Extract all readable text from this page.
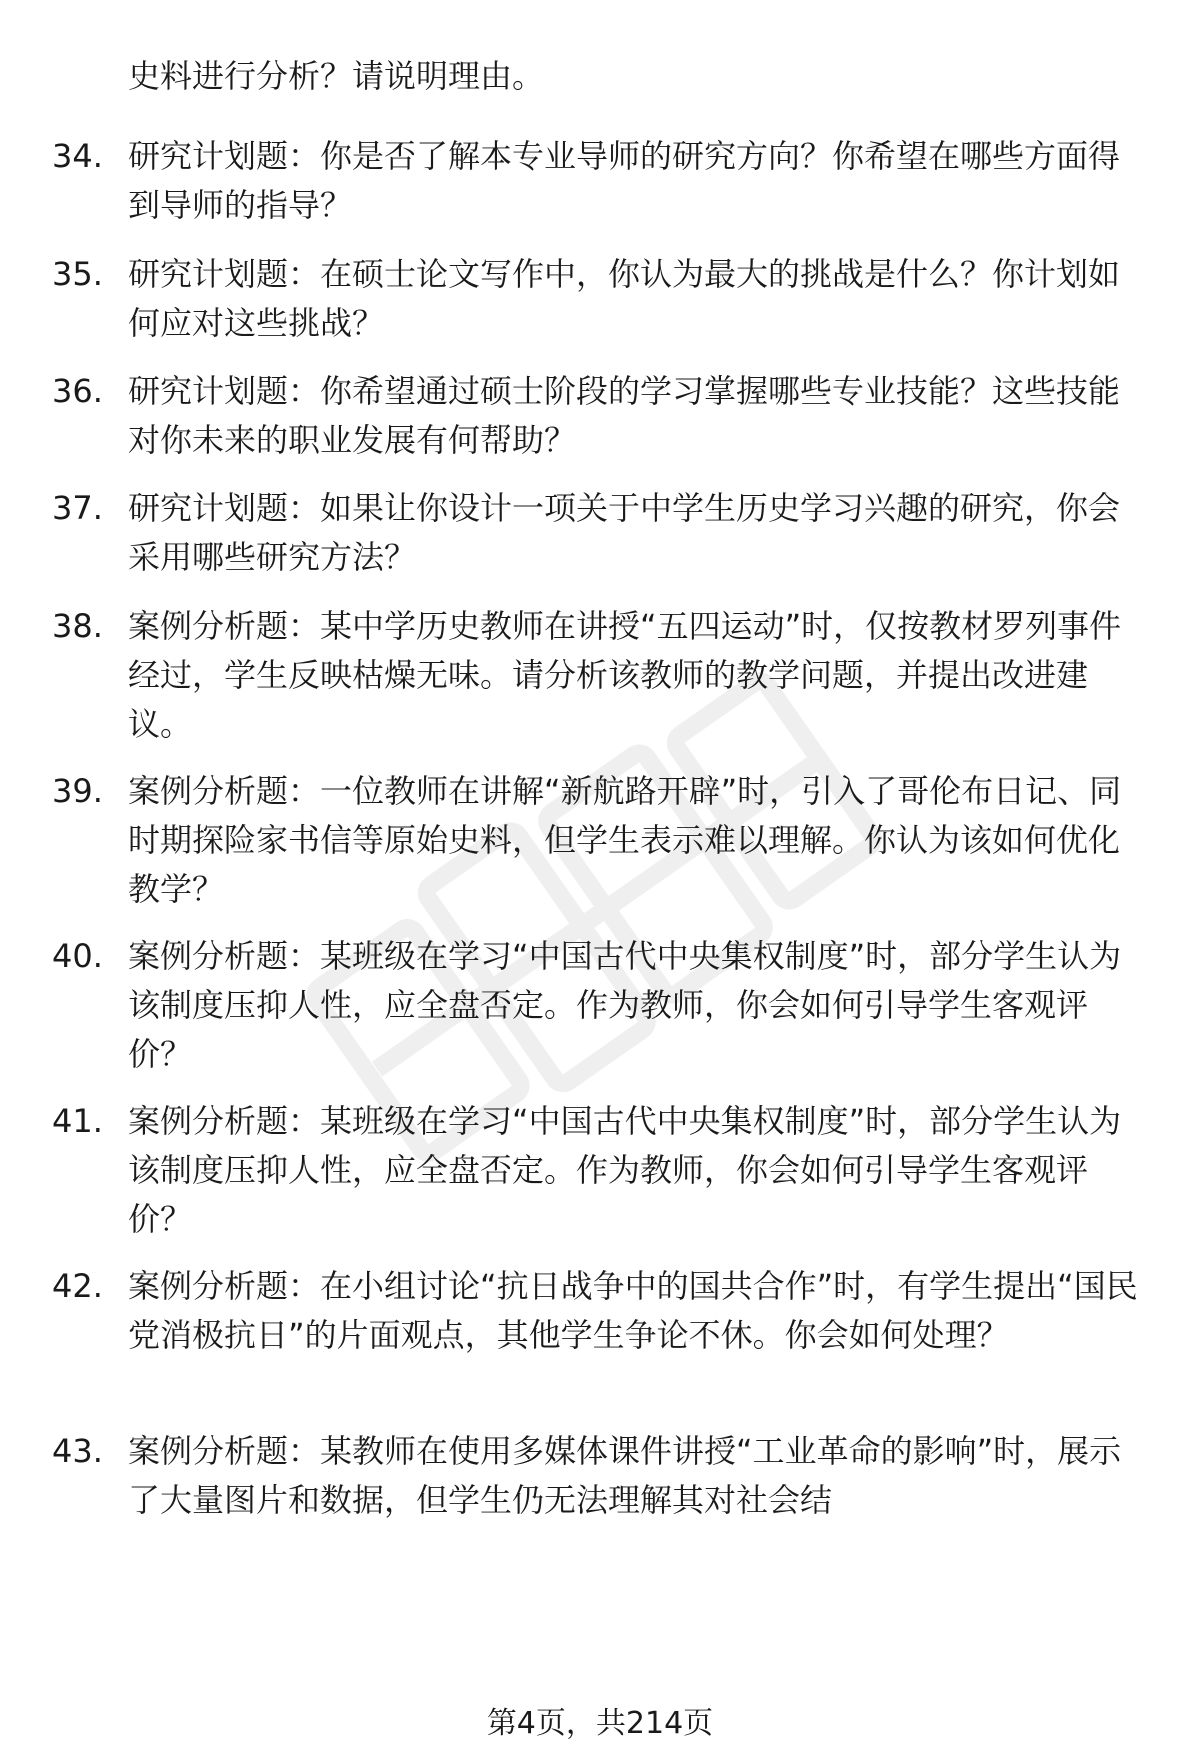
史料进行分析？请说明理由。
34. 研究计划题：你是否了解本专业导师的研究方向？你希望在哪些方面得到导师的指导？
35. 研究计划题：在硕士论文写作中，你认为最大的挑战是什么？你计划如何应对这些挑战？
36. 研究计划题：你希望通过硕士阶段的学习掌握哪些专业技能？这些技能对你未来的职业发展有何帮助？
37. 研究计划题：如果让你设计一项关于中学生历史学习兴趣的研究，你会采用哪些研究方法？
38. 案例分析题：某中学历史教师在讲授“五四运动”时，仅按教材罗列事件经过，学生反映枯燥无味。请分析该教师的教学问题，并提出改进建议。
39. 案例分析题：一位教师在讲解“新航路开辟”时，引入了哥伦布日记、同时期探险家书信等原始史料，但学生表示难以理解。你认为该如何优化教学？
40. 案例分析题：某班级在学习“中国古代中央集权制度”时，部分学生认为该制度压抑人性，应全盘否定。作为教师，你会如何引导学生客观评价？
41. 案例分析题：某班级在学习“中国古代中央集权制度”时，部分学生认为该制度压抑人性，应全盘否定。作为教师，你会如何引导学生客观评价？
42. 案例分析题：在小组讨论“抗日战争中的国共合作”时，有学生提出“国民党消极抗日”的片面观点，其他学生争论不休。你会如何处理？
43. 案例分析题：某教师在使用多媒体课件讲授“工业革命的影响”时，展示了大量图片和数据，但学生仍无法理解其对社会结
第4页，共214页
